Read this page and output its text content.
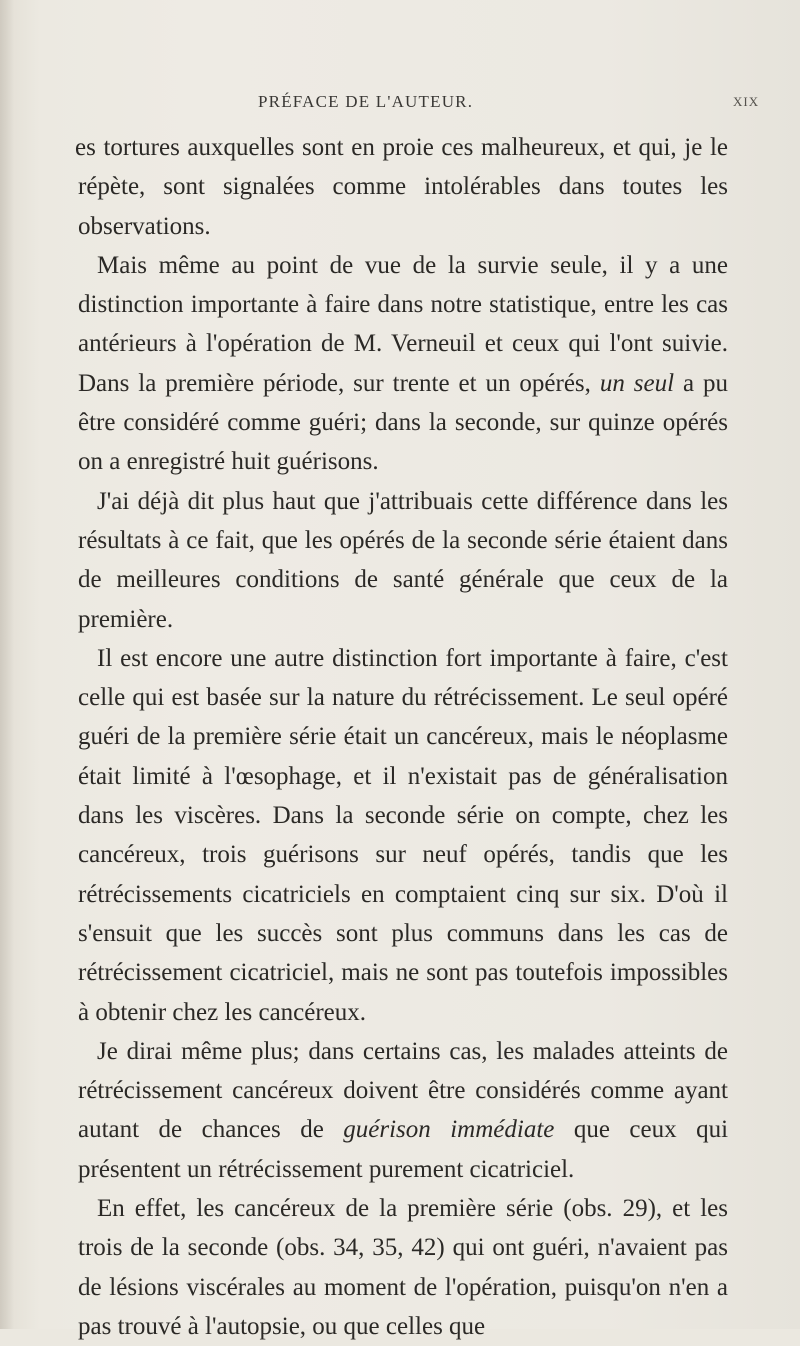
PRÉFACE DE L'AUTEUR.	XIX

es tortures auxquelles sont en proie ces malheureux, et qui, je le répète, sont signalées comme intolérables dans toutes les observations.

Mais même au point de vue de la survie seule, il y a une distinction importante à faire dans notre statistique, entre les cas antérieurs à l'opération de M. Verneuil et ceux qui l'ont suivie. Dans la première période, sur trente et un opérés, un seul a pu être considéré comme guéri; dans la seconde, sur quinze opérés on a enregistré huit guérisons.

J'ai déjà dit plus haut que j'attribuais cette différence dans les résultats à ce fait, que les opérés de la seconde série étaient dans de meilleures conditions de santé générale que ceux de la première.

Il est encore une autre distinction fort importante à faire, c'est celle qui est basée sur la nature du rétrécissement. Le seul opéré guéri de la première série était un cancéreux, mais le néoplasme était limité à l'œsophage, et il n'existait pas de généralisation dans les viscères. Dans la seconde série on compte, chez les cancéreux, trois guérisons sur neuf opérés, tandis que les rétrécissements cicatriciels en comptaient cinq sur six. D'où il s'ensuit que les succès sont plus communs dans les cas de rétrécissement cicatriciel, mais ne sont pas toutefois impossibles à obtenir chez les cancéreux.

Je dirai même plus; dans certains cas, les malades atteints de rétrécissement cancéreux doivent être considérés comme ayant autant de chances de guérison immédiate que ceux qui présentent un rétrécissement purement cicatriciel.

En effet, les cancéreux de la première série (obs. 29), et les trois de la seconde (obs. 34, 35, 42) qui ont guéri, n'avaient pas de lésions viscérales au moment de l'opération, puisqu'on n'en a pas trouvé à l'autopsie, ou que celles que
